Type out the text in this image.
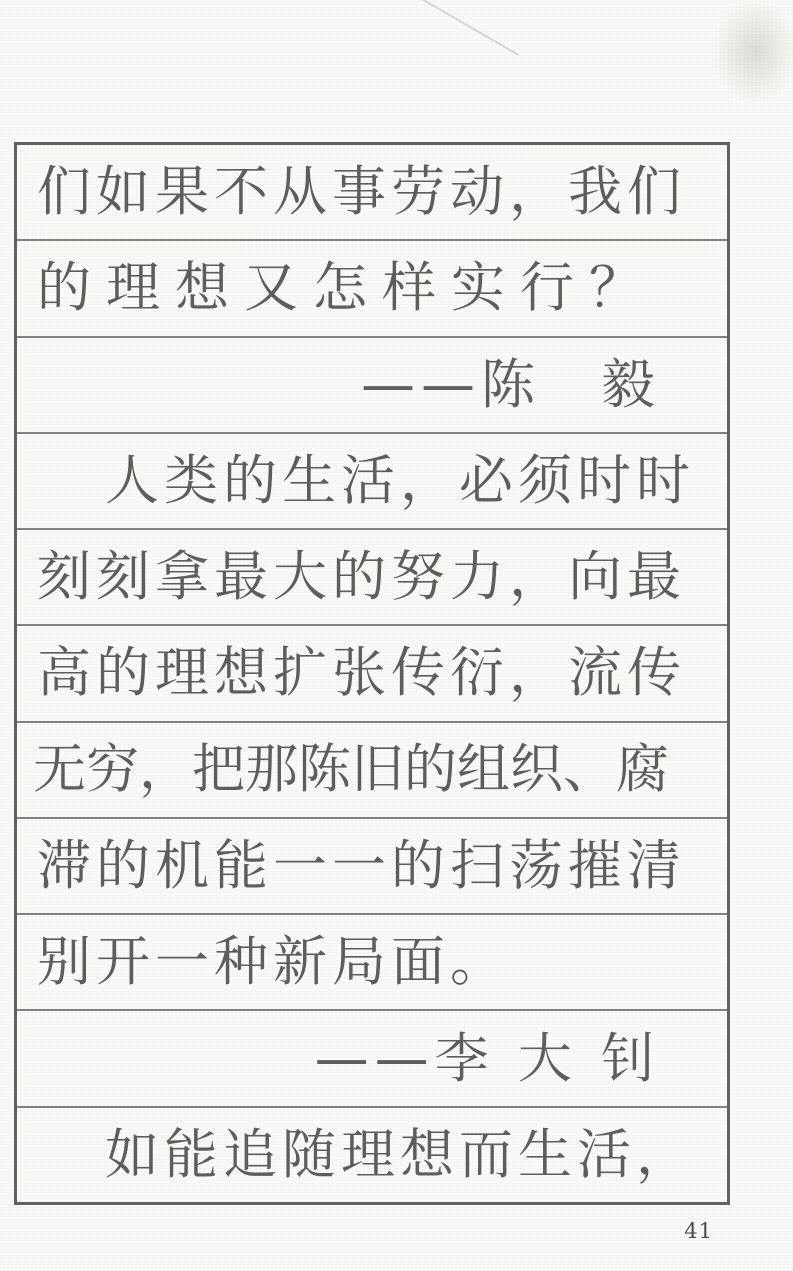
们如果不从事劳动，我们
的理想又怎样实行？
——陈　毅
人类的生活，必须时时
刻刻拿最大的努力，向最
高的理想扩张传衍，流传
无穷，把那陈旧的组织、腐
滞的机能一一的扫荡摧清
别开一种新局面。
——李 大 钊
如能追随理想而生活，
41
